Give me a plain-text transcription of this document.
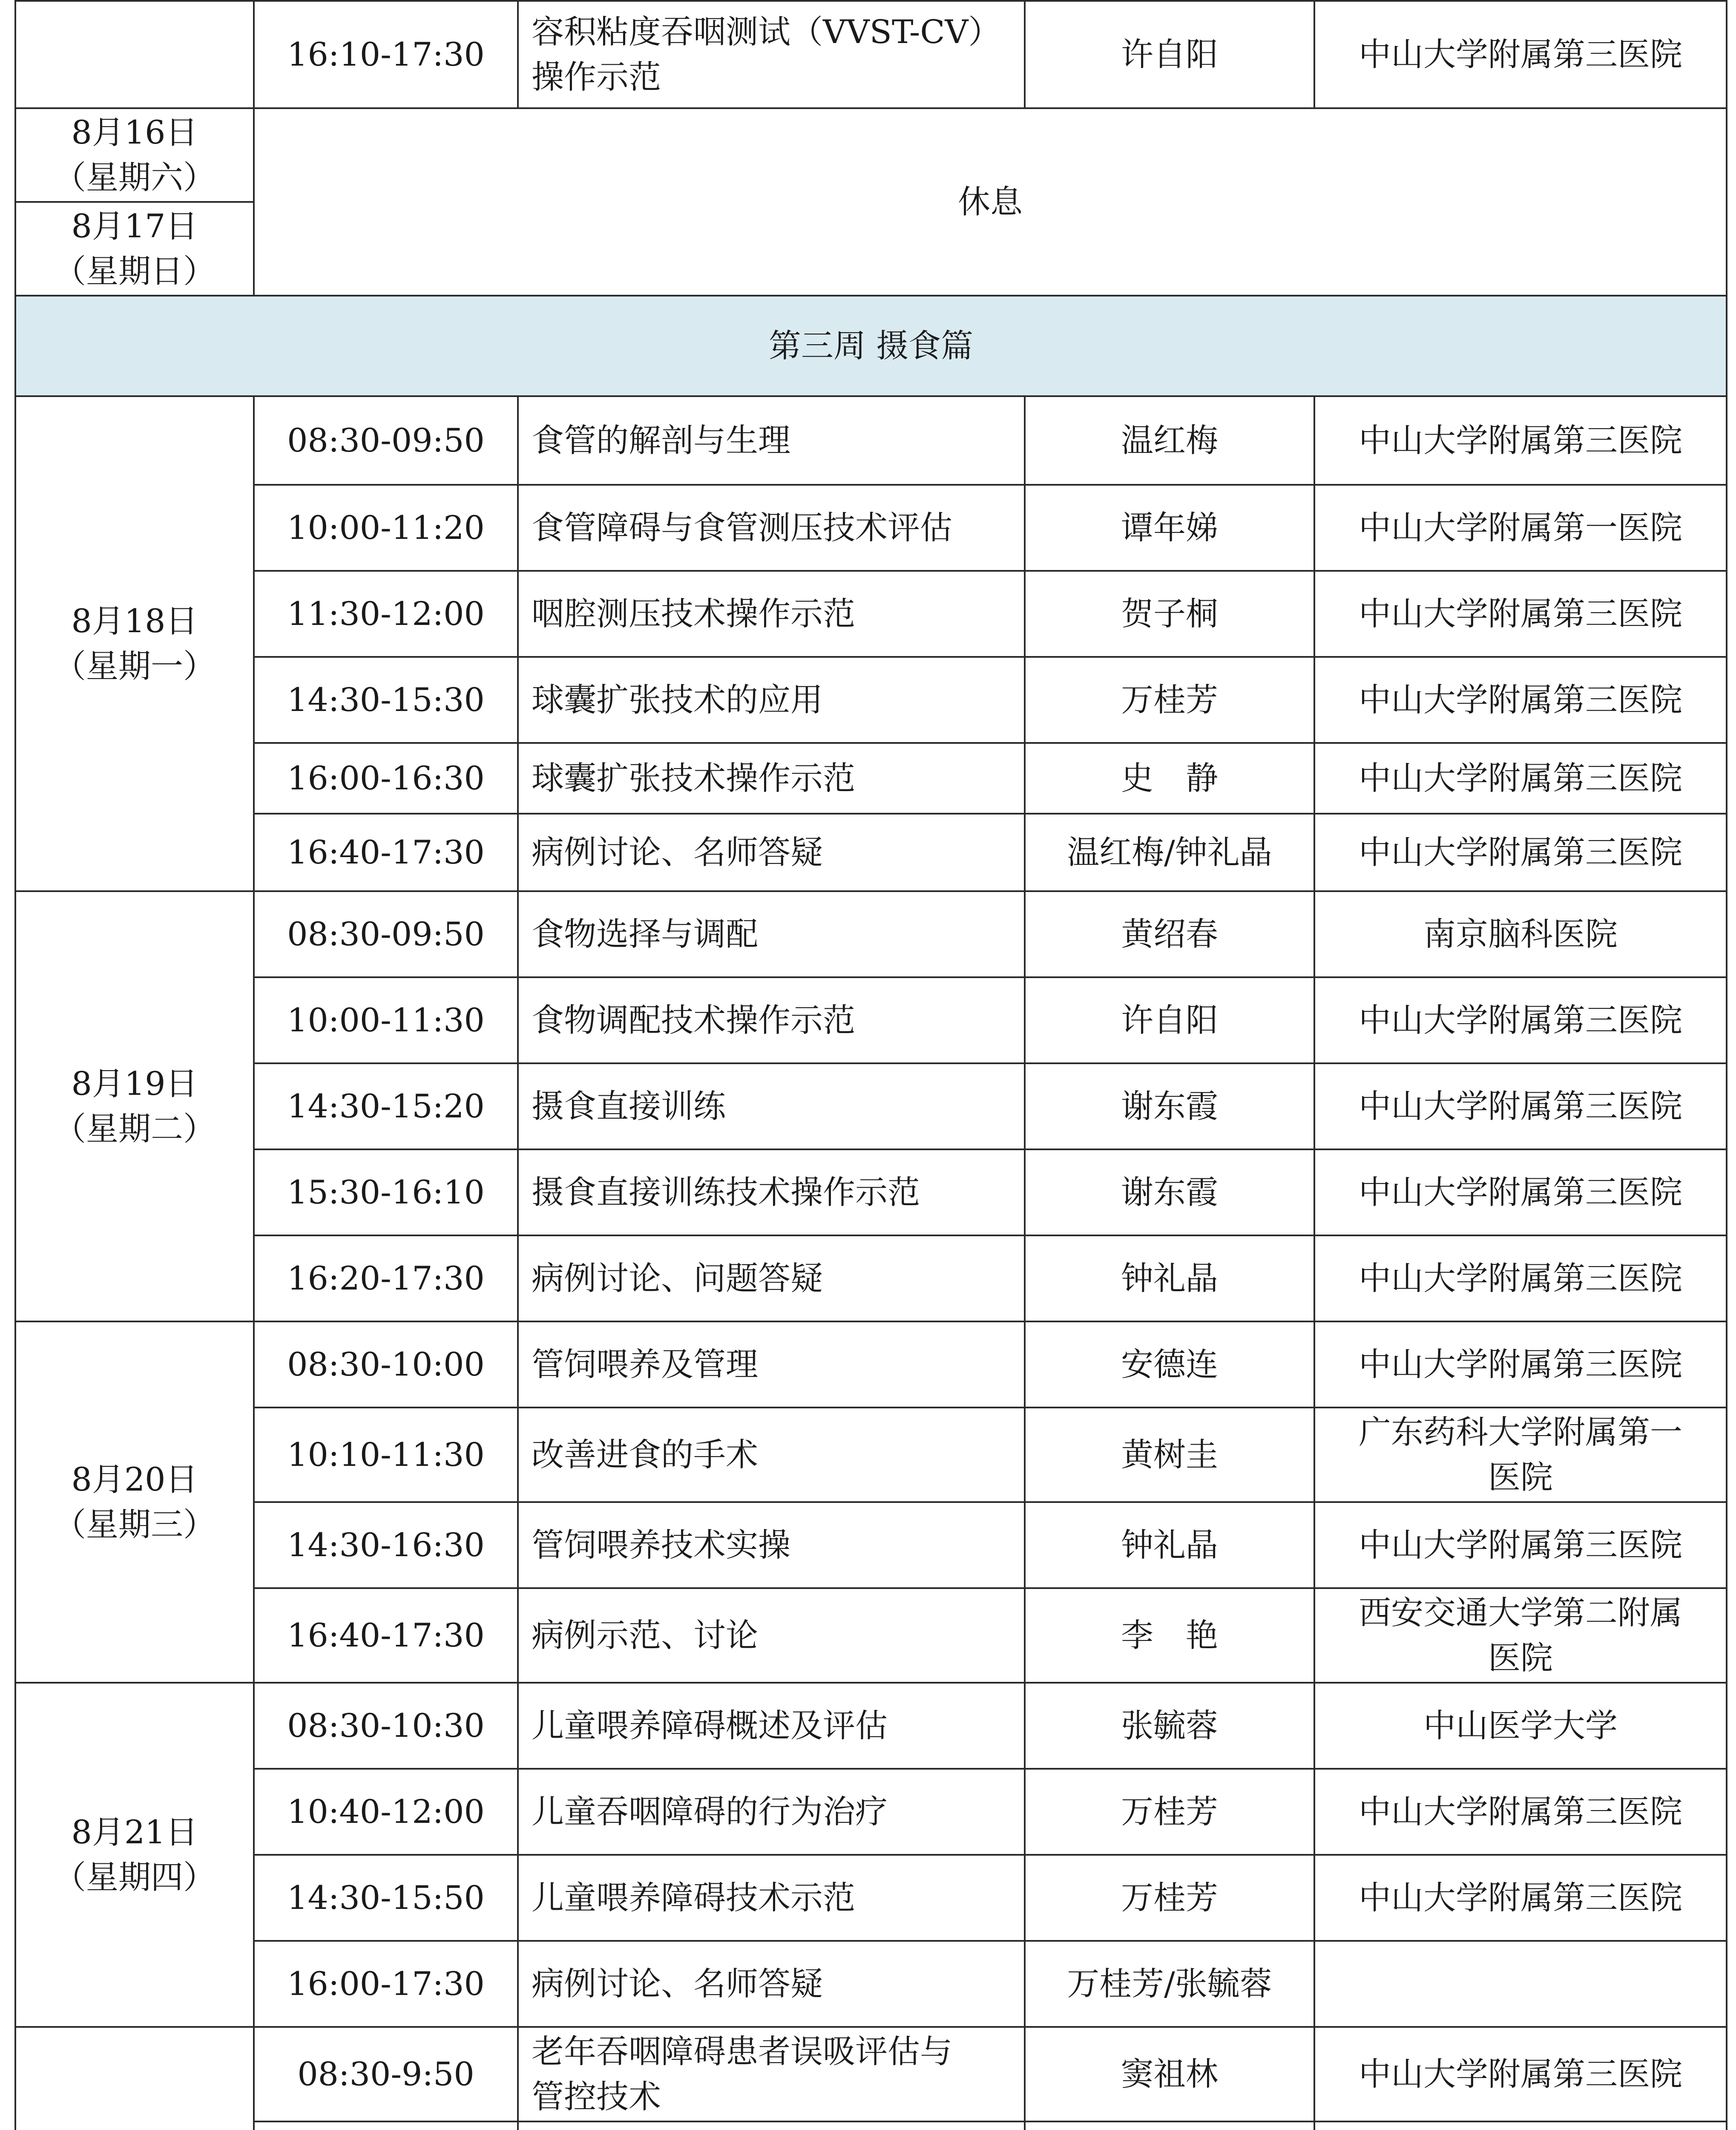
	16:10-17:30	容积粘度吞咽测试（VVST-CV）
操作示范	许自阳	中山大学附属第三医院

8月16日
（星期六）	休息			

8月17日
（星期日）				

第三周 摄食篇				

8月18日
（星期一）	08:30-09:50	食管的解剖与生理	温红梅	中山大学附属第三医院

	10:00-11:20	食管障碍与食管测压技术评估	谭年娣	中山大学附属第一医院

	11:30-12:00	咽腔测压技术操作示范	贺子桐	中山大学附属第三医院

	14:30-15:30	球囊扩张技术的应用	万桂芳	中山大学附属第三医院

	16:00-16:30	球囊扩张技术操作示范	史　静	中山大学附属第三医院

	16:40-17:30	病例讨论、名师答疑	温红梅/钟礼晶	中山大学附属第三医院

8月19日
（星期二）	08:30-09:50	食物选择与调配	黄绍春	南京脑科医院

	10:00-11:30	食物调配技术操作示范	许自阳	中山大学附属第三医院

	14:30-15:20	摄食直接训练	谢东霞	中山大学附属第三医院

	15:30-16:10	摄食直接训练技术操作示范	谢东霞	中山大学附属第三医院

	16:20-17:30	病例讨论、问题答疑	钟礼晶	中山大学附属第三医院

8月20日
（星期三）	08:30-10:00	管饲喂养及管理	安德连	中山大学附属第三医院

	10:10-11:30	改善进食的手术	黄树圭	广东药科大学附属第一
医院

	14:30-16:30	管饲喂养技术实操	钟礼晶	中山大学附属第三医院

	16:40-17:30	病例示范、讨论	李　艳	西安交通大学第二附属
医院

8月21日
（星期四）	08:30-10:30	儿童喂养障碍概述及评估	张毓蓉	中山医学大学

	10:40-12:00	儿童吞咽障碍的行为治疗	万桂芳	中山大学附属第三医院

	14:30-15:50	儿童喂养障碍技术示范	万桂芳	中山大学附属第三医院

	16:00-17:30	病例讨论、名师答疑	万桂芳/张毓蓉	

	08:30-9:50	老年吞咽障碍患者误吸评估与
管控技术	窦祖林	中山大学附属第三医院
